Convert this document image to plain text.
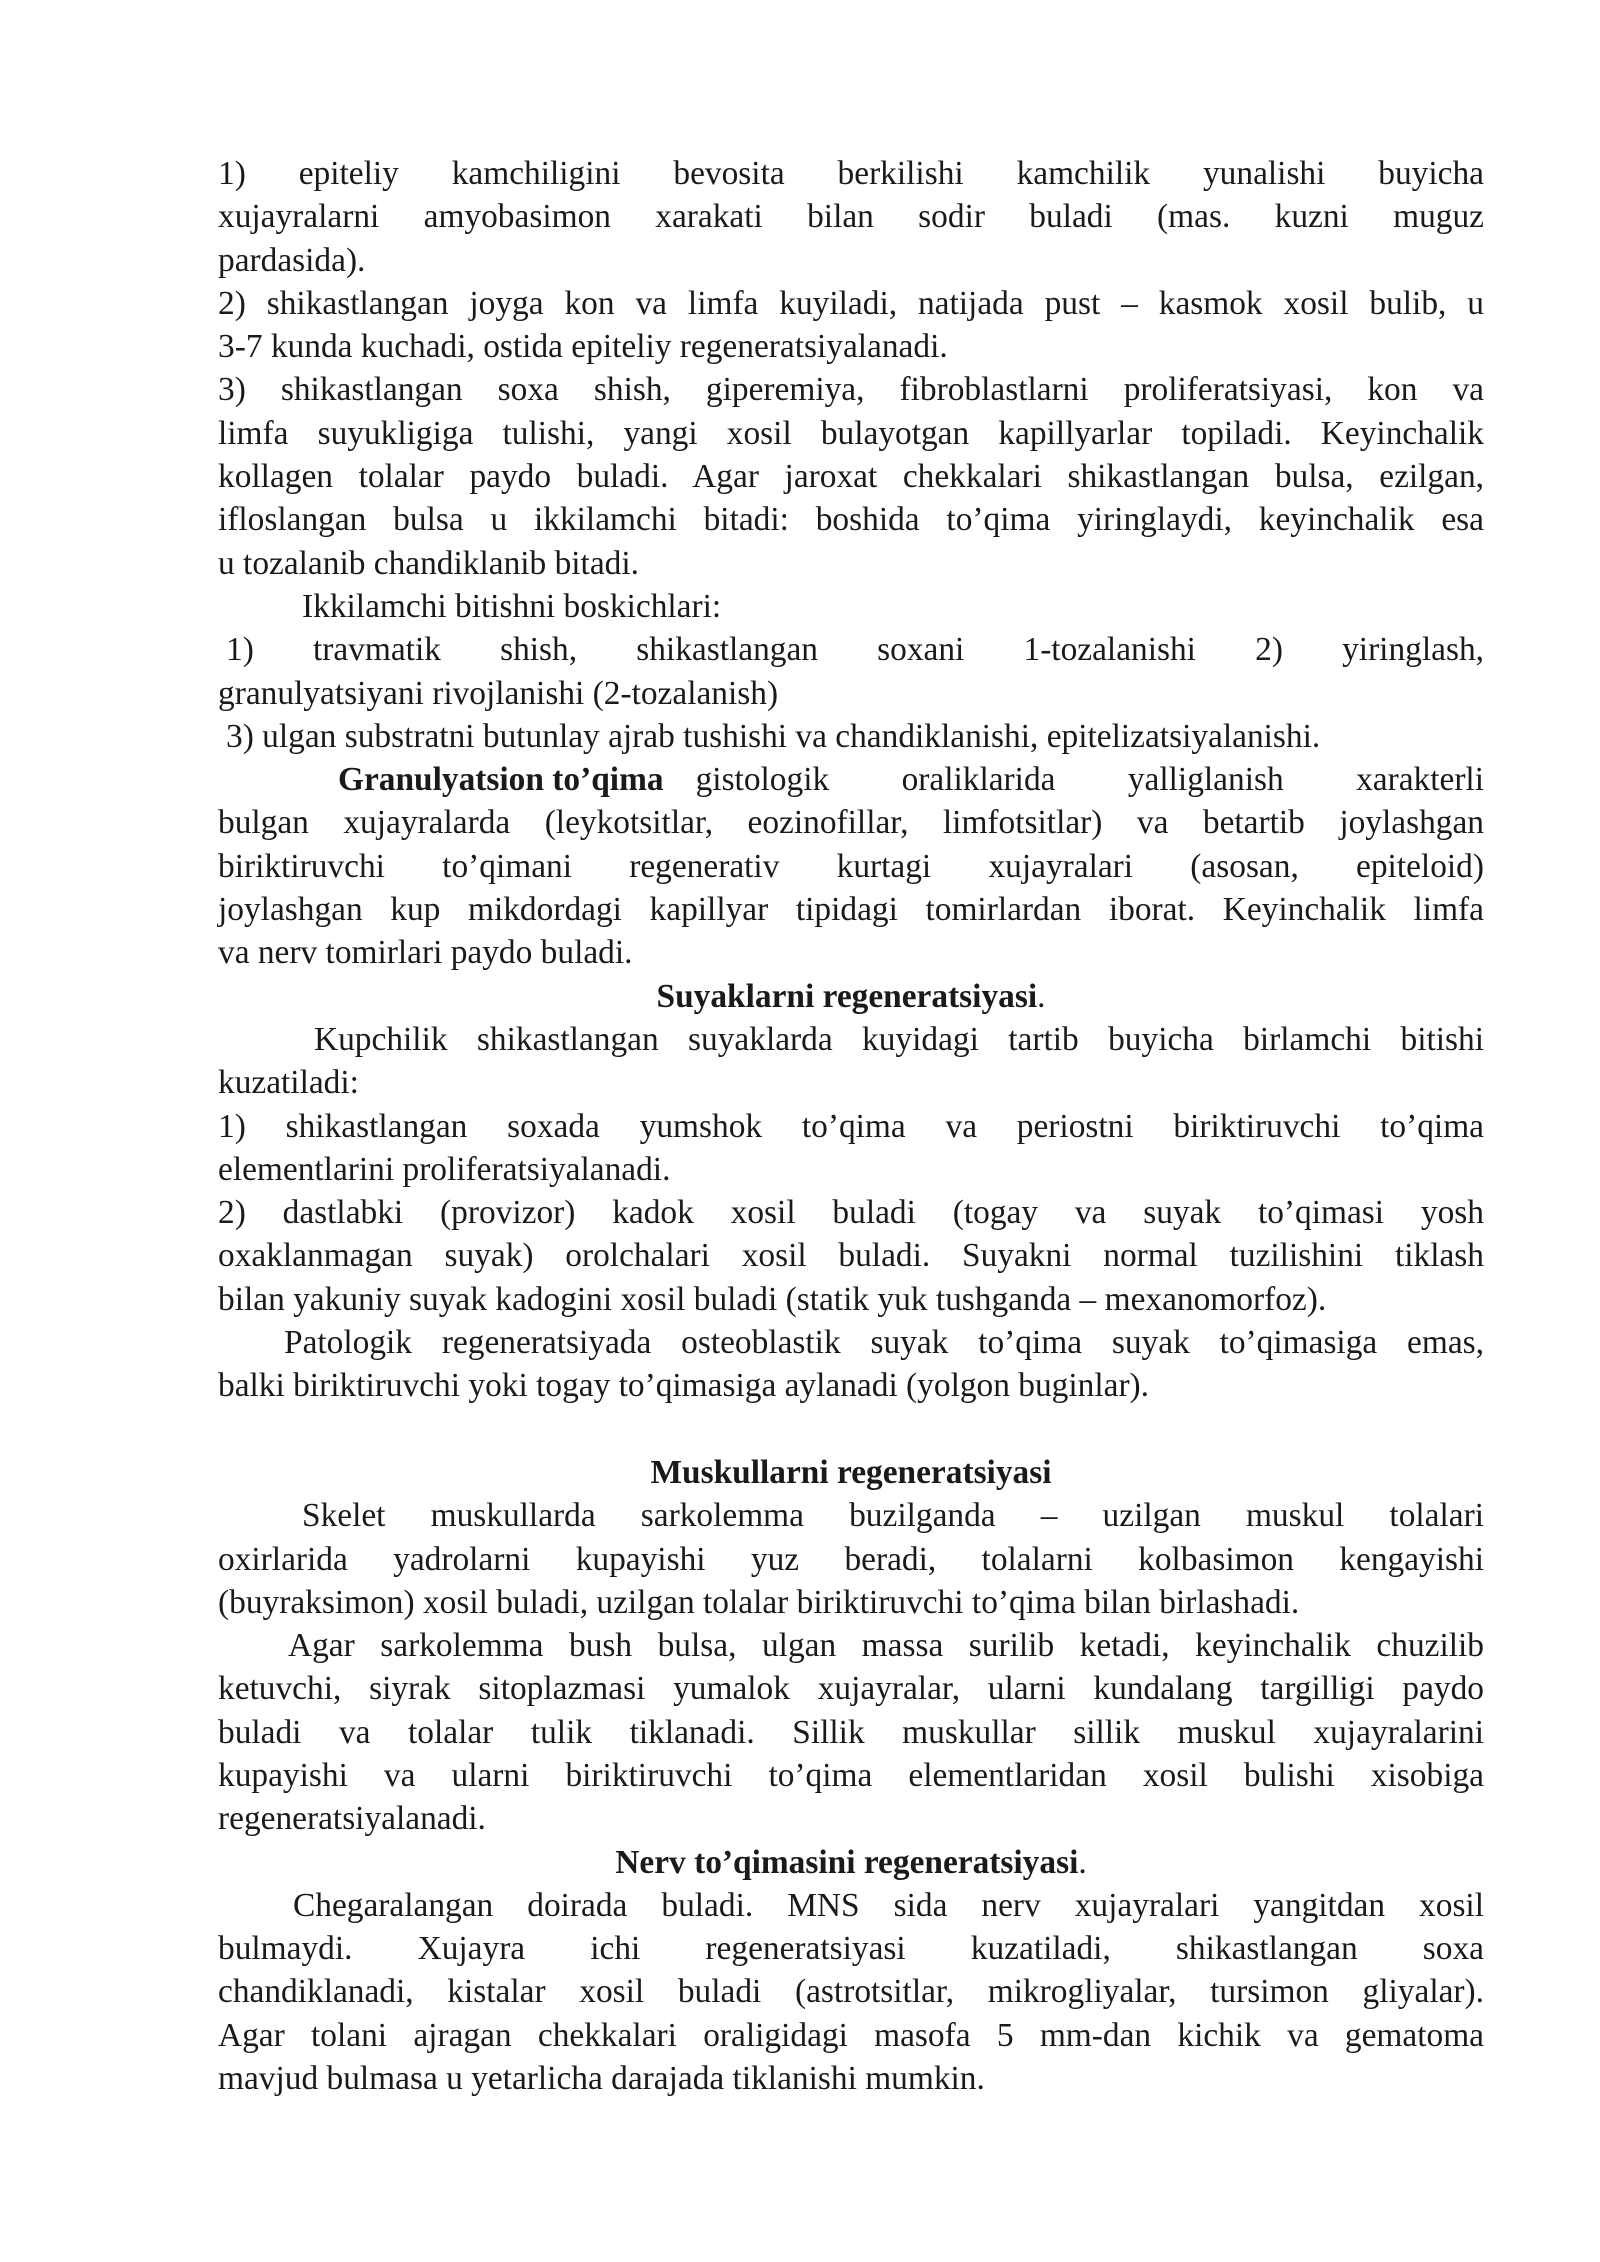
1) epiteliy kamchiligini bevosita berkilishi kamchilik yunalishi buyicha
xujayralarni amyobasimon xarakati bilan sodir buladi (mas. kuzni muguz
pardasida).
2) shikastlangan joyga kon va limfa kuyiladi, natijada pust – kasmok xosil bulib, u
3-7 kunda kuchadi, ostida epiteliy regeneratsiyalanadi.
3) shikastlangan soxa shish, giperemiya, fibroblastlarni proliferatsiyasi, kon va
limfa suyukligiga tulishi, yangi xosil bulayotgan kapillyarlar topiladi. Keyinchalik
kollagen tolalar paydo buladi. Agar jaroxat chekkalari shikastlangan bulsa, ezilgan,
ifloslangan bulsa u ikkilamchi bitadi: boshida to’qima yiringlaydi, keyinchalik esa
u tozalanib chandiklanib bitadi.
Ikkilamchi bitishni boskichlari:
1) travmatik shish, shikastlangan soxani 1-tozalanishi 2) yiringlash,
granulyatsiyani rivojlanishi (2-tozalanish)
3) ulgan substratni butunlay ajrab tushishi va chandiklanishi, epitelizatsiyalanishi.
Granulyatsion to’qima gistologik oraliklarida yalliglanish xarakterli
bulgan xujayralarda (leykotsitlar, eozinofillar, limfotsitlar) va betartib joylashgan
biriktiruvchi to’qimani regenerativ kurtagi xujayralari (asosan, epiteloid)
joylashgan kup mikdordagi kapillyar tipidagi tomirlardan iborat. Keyinchalik limfa
va nerv tomirlari paydo buladi.
Suyaklarni regeneratsiyasi.
Kupchilik shikastlangan suyaklarda kuyidagi tartib buyicha birlamchi bitishi
kuzatiladi:
1) shikastlangan soxada yumshok to’qima va periostni biriktiruvchi to’qima
elementlarini proliferatsiyalanadi.
2) dastlabki (provizor) kadok xosil buladi (togay va suyak to’qimasi yosh
oxaklanmagan suyak) orolchalari xosil buladi. Suyakni normal tuzilishini tiklash
bilan yakuniy suyak kadogini xosil buladi (statik yuk tushganda – mexanomorfoz).
Patologik regeneratsiyada osteoblastik suyak to’qima suyak to’qimasiga emas,
balki biriktiruvchi yoki togay to’qimasiga aylanadi (yolgon buginlar).
Muskullarni regeneratsiyasi
Skelet muskullarda sarkolemma buzilganda – uzilgan muskul tolalari
oxirlarida yadrolarni kupayishi yuz beradi, tolalarni kolbasimon kengayishi
(buyraksimon) xosil buladi, uzilgan tolalar biriktiruvchi to’qima bilan birlashadi.
Agar sarkolemma bush bulsa, ulgan massa surilib ketadi, keyinchalik chuzilib
ketuvchi, siyrak sitoplazmasi yumalok xujayralar, ularni kundalang targilligi paydo
buladi va tolalar tulik tiklanadi. Sillik muskullar sillik muskul xujayralarini
kupayishi va ularni biriktiruvchi to’qima elementlaridan xosil bulishi xisobiga
regeneratsiyalanadi.
Nerv to’qimasini regeneratsiyasi.
Chegaralangan doirada buladi. MNS sida nerv xujayralari yangitdan xosil
bulmaydi. Xujayra ichi regeneratsiyasi kuzatiladi, shikastlangan soxa
chandiklanadi, kistalar xosil buladi (astrotsitlar, mikrogliyalar, tursimon gliyalar).
Agar tolani ajragan chekkalari oraligidagi masofa 5 mm-dan kichik va gematoma
mavjud bulmasa u yetarlicha darajada tiklanishi mumkin.
